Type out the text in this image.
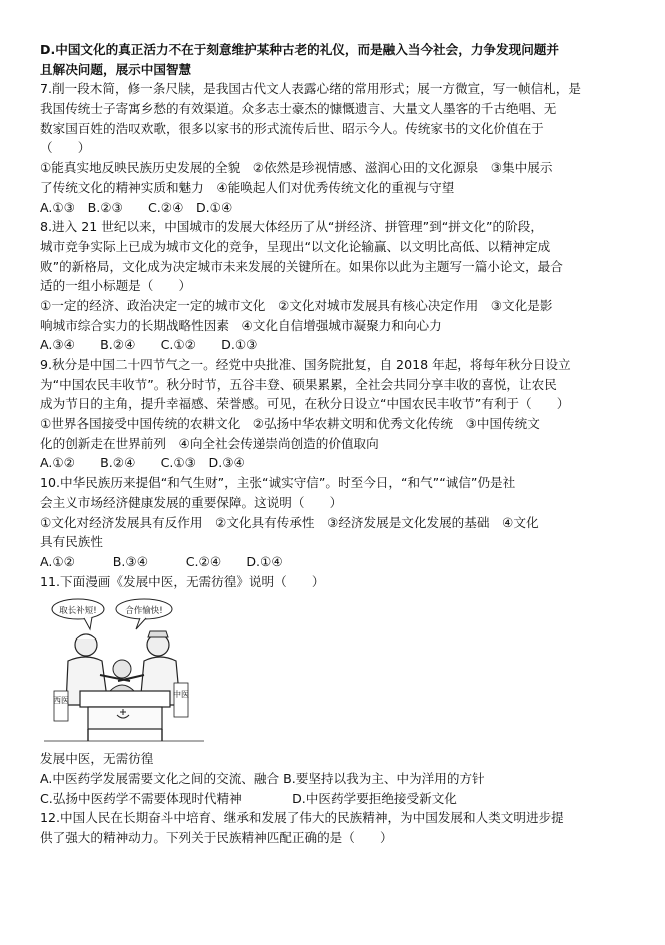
D.中国文化的真正活力不在于刻意维护某种古老的礼仪，而是融入当今社会，力争发现问题并
且解决问题，展示中国智慧
7.削一段木简，修一条尺牍，是我国古代文人表露心绪的常用形式；展一方微宣，写一帧信札，是
我国传统士子寄寓乡愁的有效渠道。众多志士豪杰的慷慨遗言、大量文人墨客的千古绝唱、无
数家国百姓的浩叹欢歌，很多以家书的形式流传后世、昭示今人。传统家书的文化价值在于
（　　）
①能真实地反映民族历史发展的全貌　②依然是珍视情感、滋润心田的文化源泉　③集中展示
了传统文化的精神实质和魅力　④能唤起人们对优秀传统文化的重视与守望
A.①③　B.②③　　C.②④　D.①④
8.进入 21 世纪以来，中国城市的发展大体经历了从“拼经济、拼管理”到“拼文化”的阶段，
城市竞争实际上已成为城市文化的竞争，呈现出“以文化论输赢、以文明比高低、以精神定成
败”的新格局，文化成为决定城市未来发展的关键所在。如果你以此为主题写一篇小论文，最合
适的一组小标题是（　　）
①一定的经济、政治决定一定的城市文化　②文化对城市发展具有核心决定作用　③文化是影
响城市综合实力的长期战略性因素　④文化自信增强城市凝聚力和向心力
A.③④　　B.②④　　C.①②　　D.①③
9.秋分是中国二十四节气之一。经党中央批准、国务院批复，自 2018 年起，将每年秋分日设立
为“中国农民丰收节”。秋分时节，五谷丰登、硕果累累，全社会共同分享丰收的喜悦，让农民
成为节日的主角，提升幸福感、荣誉感。可见，在秋分日设立“中国农民丰收节”有利于（　　）
①世界各国接受中国传统的农耕文化　②弘扬中华农耕文明和优秀文化传统　③中国传统文
化的创新走在世界前列　④向全社会传递崇尚创造的价值取向
A.①②　　B.②④　　C.①③　D.③④
10.中华民族历来提倡“和气生财”，主张“诚实守信”。时至今日，“和气”“诚信”仍是社
会主义市场经济健康发展的重要保障。这说明（　　）
①文化对经济发展具有反作用　②文化具有传承性　③经济发展是文化发展的基础　④文化
具有民族性
A.①②　　　B.③④　　　C.②④　　D.①④
11.下面漫画《发展中医，无需彷徨》说明（　　）
取长补短!	合作愉快!
西医
中医
发展中医，无需彷徨
A.中医药学发展需要文化之间的交流、融合 B.要坚持以我为主、中为洋用的方针
C.弘扬中医药学不需要体现时代精神　　　　D.中医药学要拒绝接受新文化
12.中国人民在长期奋斗中培育、继承和发展了伟大的民族精神，为中国发展和人类文明进步提
供了强大的精神动力。下列关于民族精神匹配正确的是（　　）
